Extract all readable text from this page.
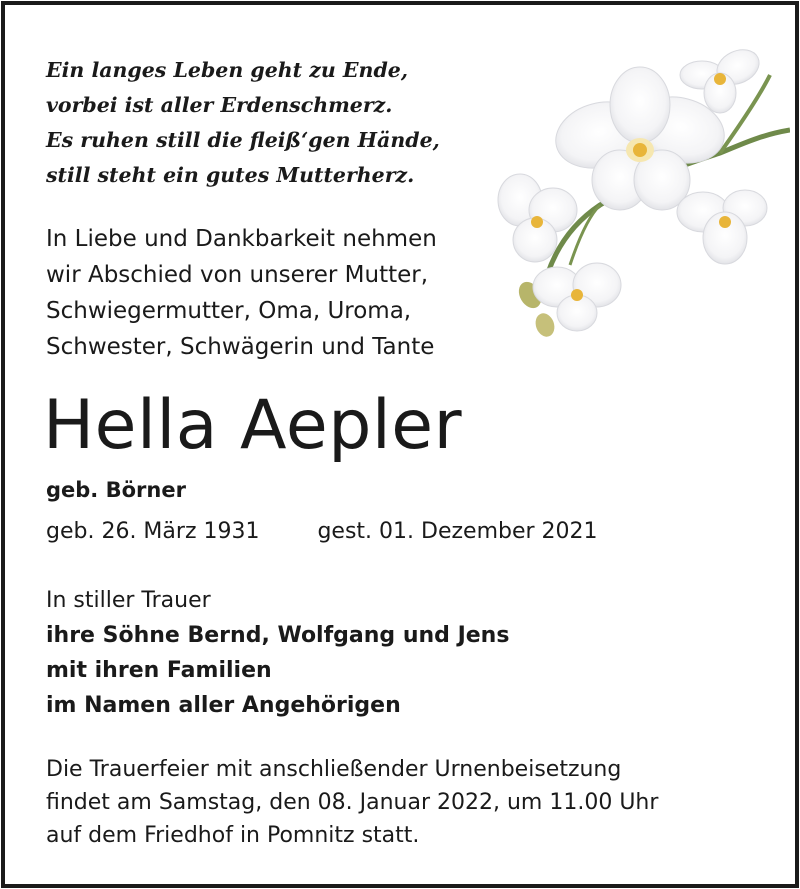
Ein langes Leben geht zu Ende,
vorbei ist aller Erdenschmerz.
Es ruhen still die fleiß‘gen Hände,
still steht ein gutes Mutterherz.
In Liebe und Dankbarkeit nehmen
wir Abschied von unserer Mutter,
Schwiegermutter, Oma, Uroma,
Schwester, Schwägerin und Tante
Hella Aepler
geb. Börner
geb. 26. März 1931	gest. 01. Dezember 2021
In stiller Trauer
ihre Söhne Bernd, Wolfgang und Jens
mit ihren Familien
im Namen aller Angehörigen
Die Trauerfeier mit anschließender Urnenbeisetzung
findet am Samstag, den 08. Januar 2022, um 11.00 Uhr
auf dem Friedhof in Pomnitz statt.
